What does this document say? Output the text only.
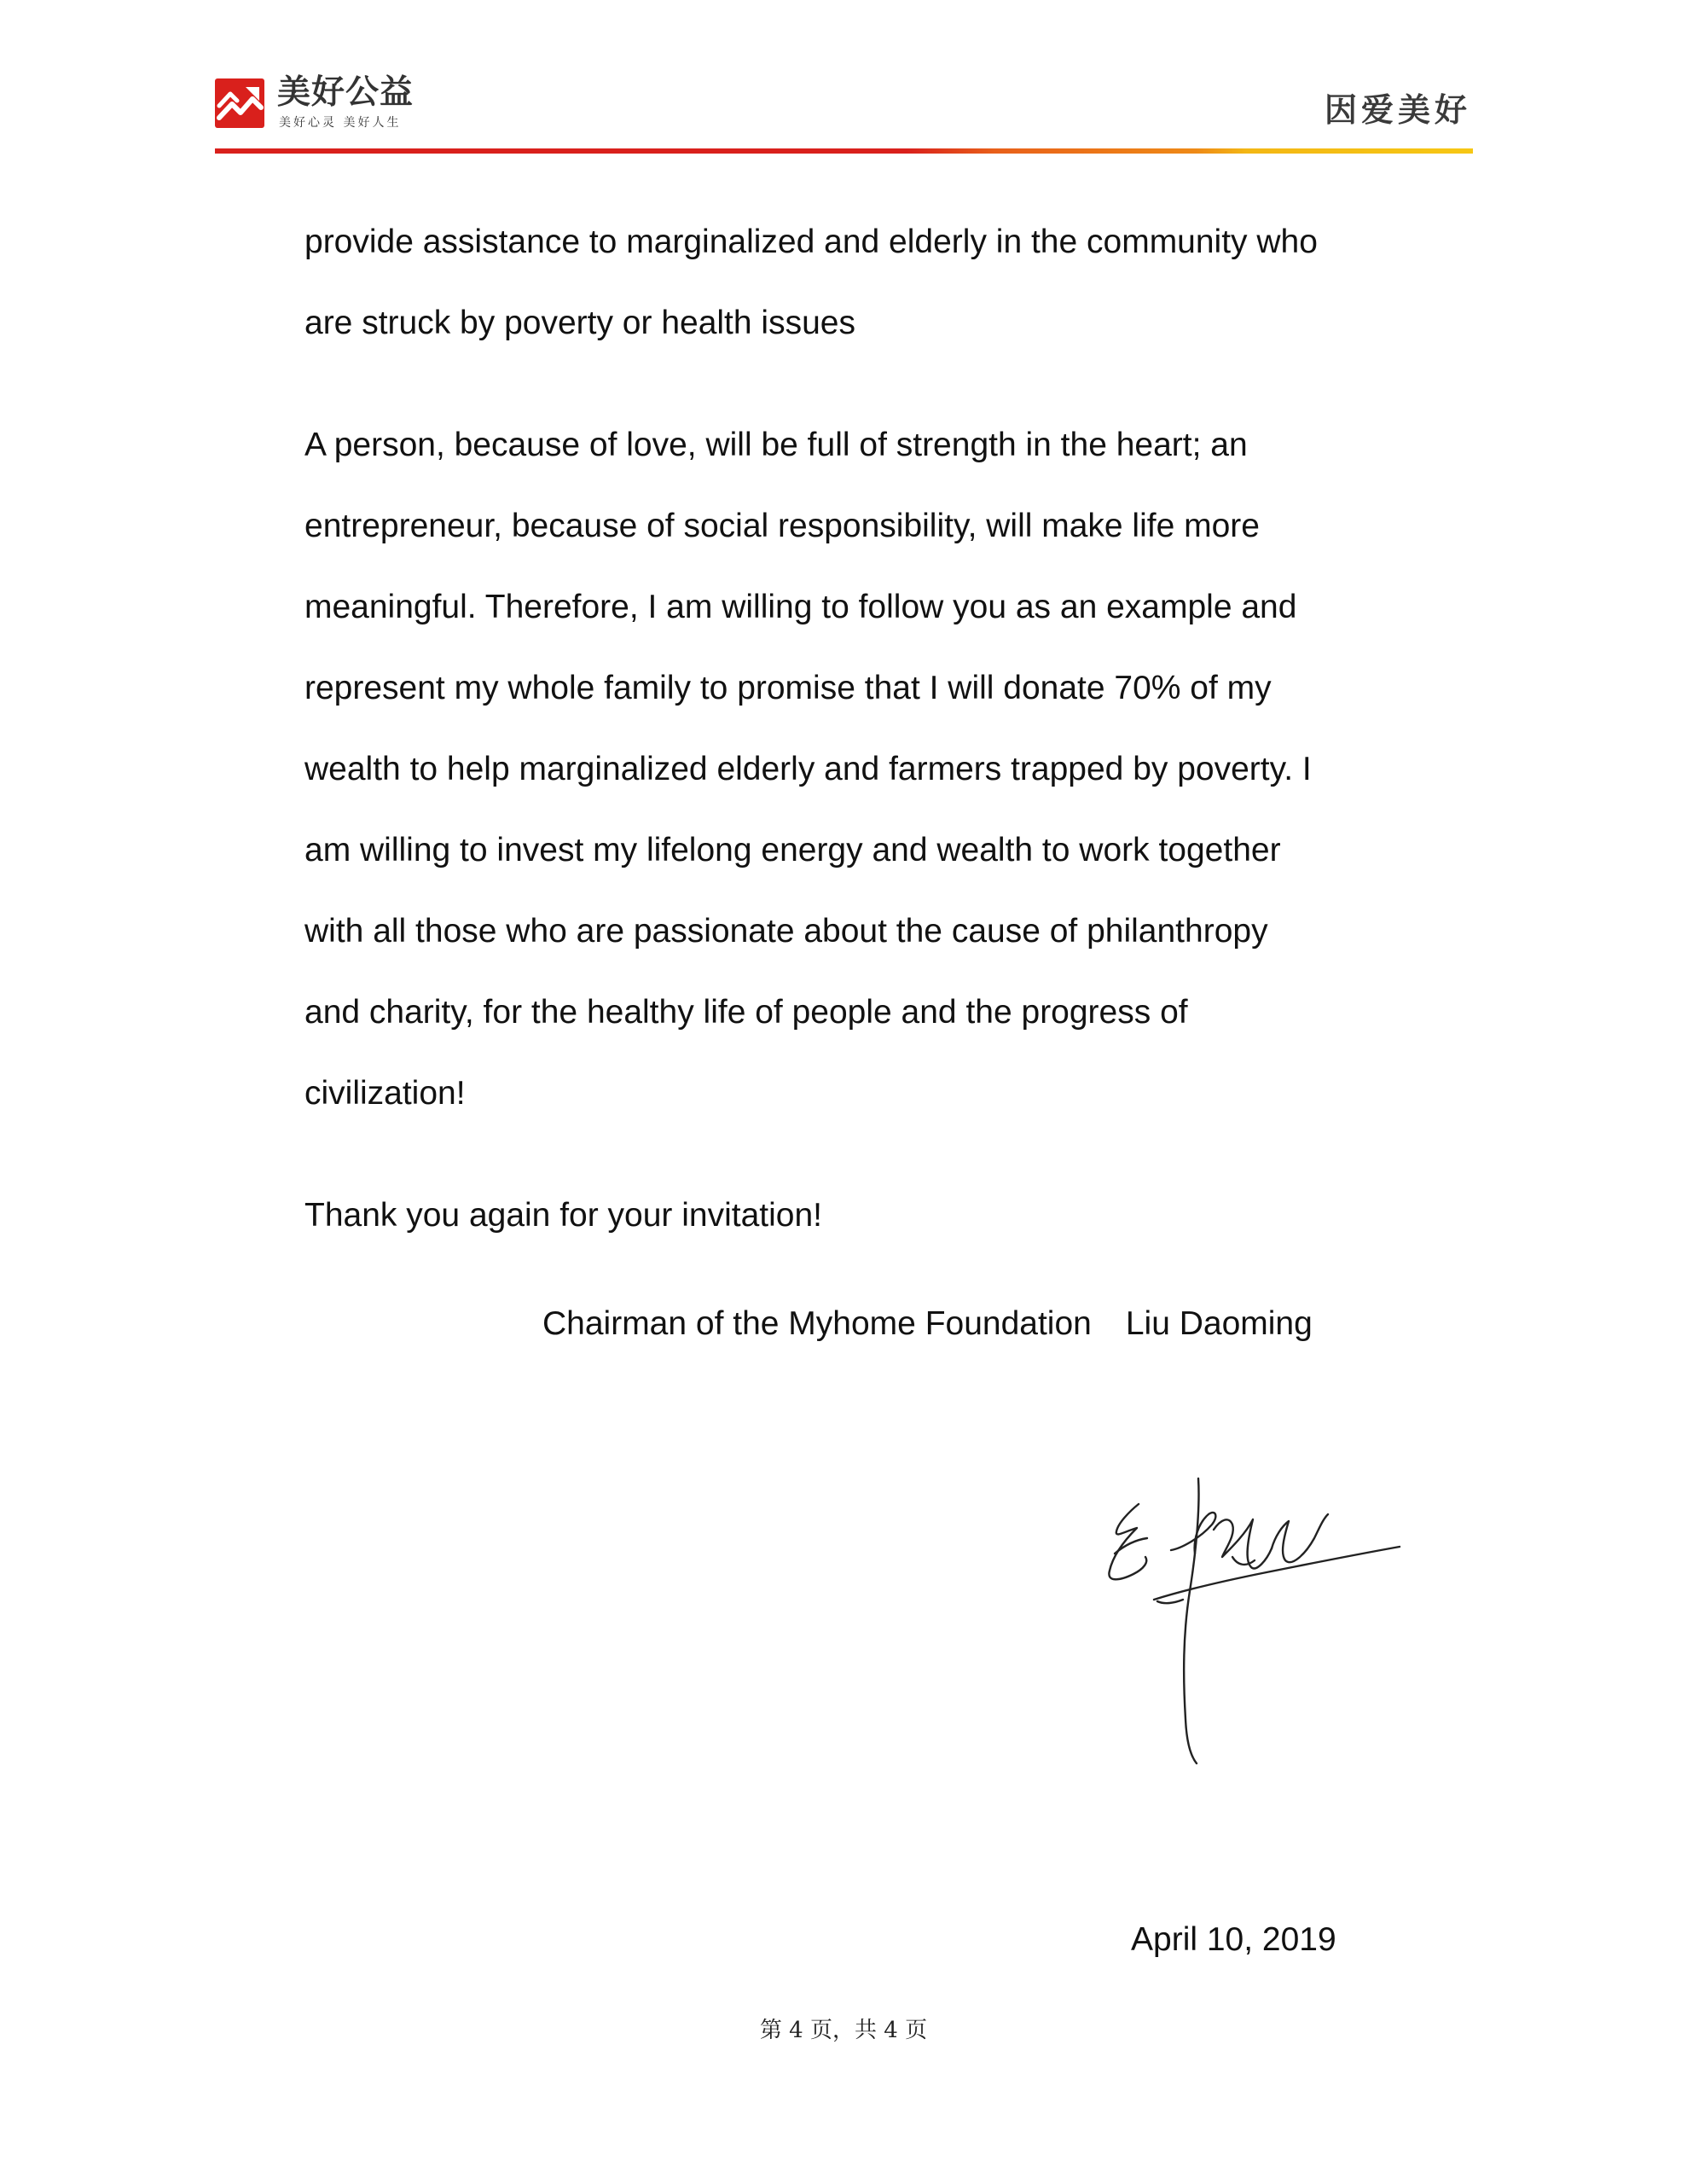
美好公益
美好心灵 美好人生	因爱美好

provide assistance to marginalized and elderly in the community who
are struck by poverty or health issues

A person, because of love, will be full of strength in the heart; an
entrepreneur, because of social responsibility, will make life more
meaningful. Therefore, I am willing to follow you as an example and
represent my whole family to promise that I will donate 70% of my
wealth to help marginalized elderly and farmers trapped by poverty. I
am willing to invest my lifelong energy and wealth to work together
with all those who are passionate about the cause of philanthropy
and charity, for the healthy life of people and the progress of
civilization!

Thank you again for your invitation!

Chairman of the Myhome Foundation Liu Daoming
April 10, 2019
第 4 页，共 4 页
